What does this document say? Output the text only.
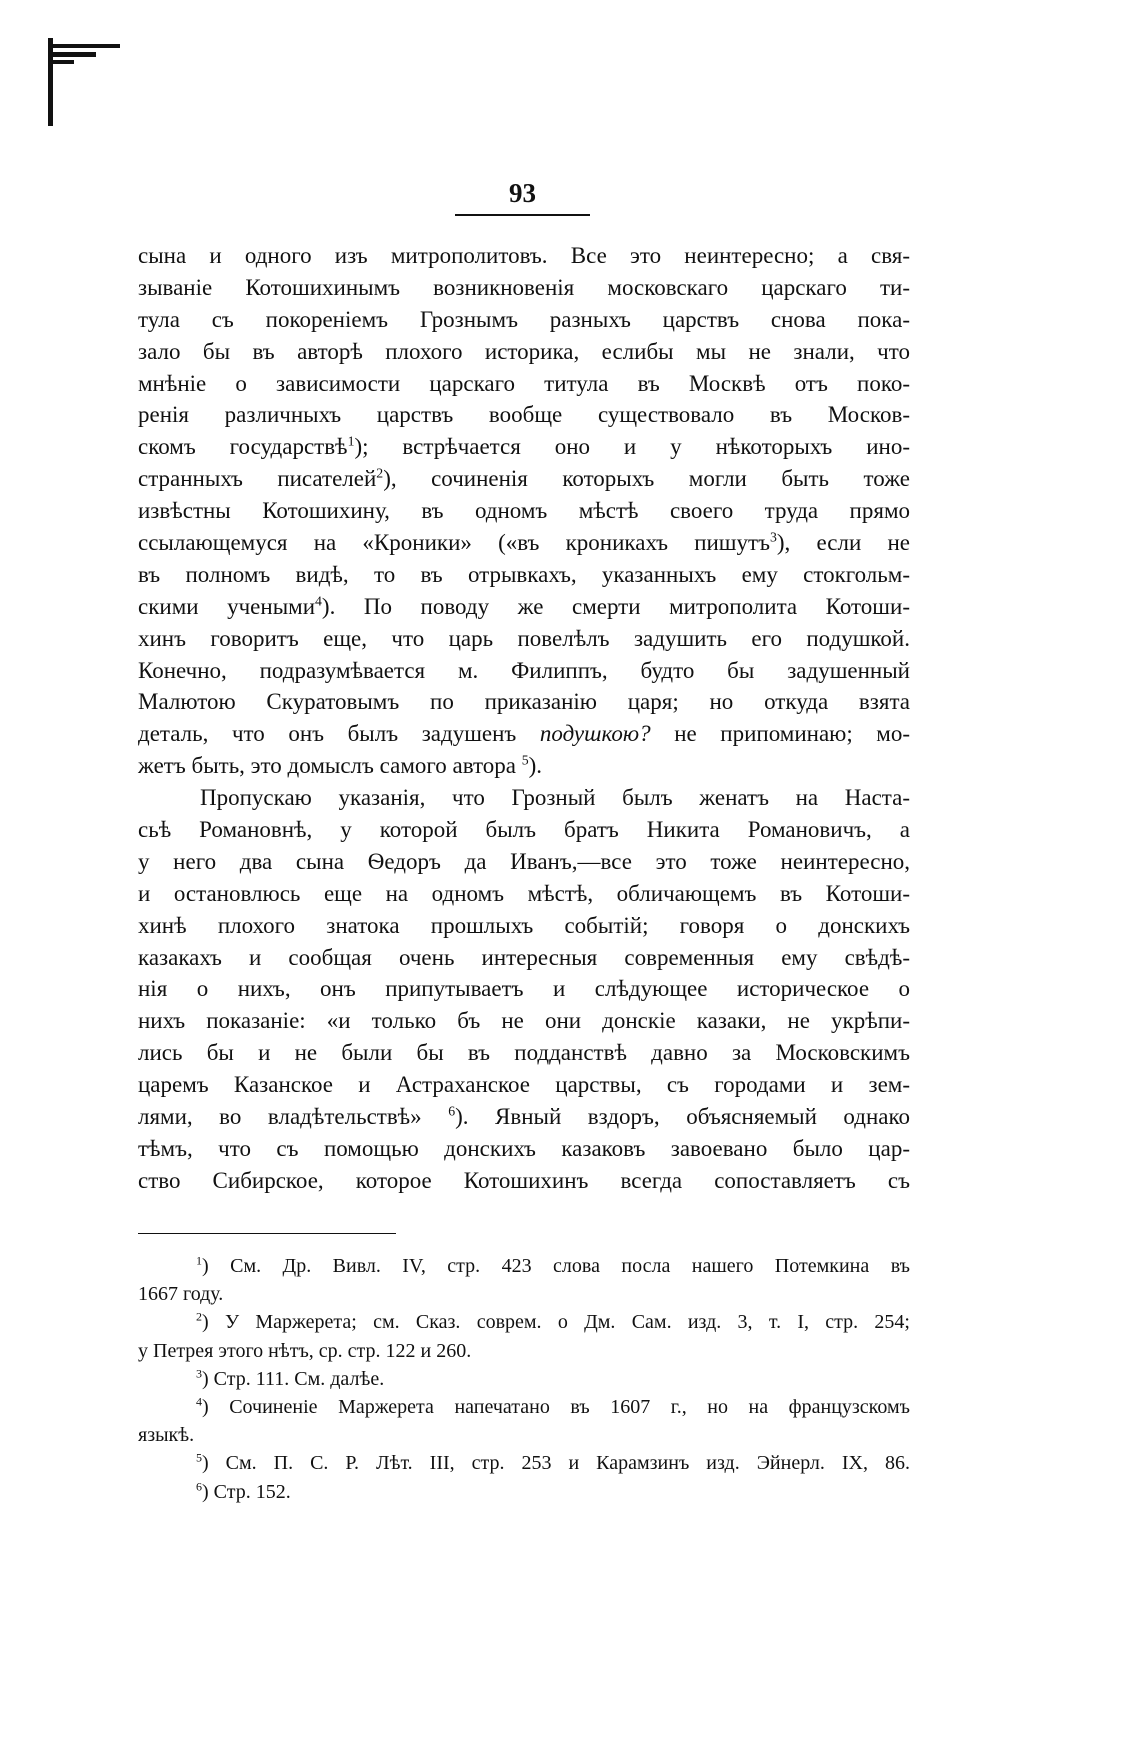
93
сына и одного изъ митрополитовъ. Все это неинтересно; а свя-
зываніе Котошихинымъ возникновенія московскаго царскаго ти-
тула съ покореніемъ Грознымъ разныхъ царствъ снова пока-
зало бы въ авторѣ плохого историка, еслибы мы не знали, что
мнѣніе о зависимости царскаго титула въ Москвѣ отъ поко-
ренія различныхъ царствъ вообще существовало въ Москов-
скомъ государствѣ$^1$); встрѣчается оно и у нѣкоторыхъ ино-
странныхъ писателей$^2$), сочиненія которыхъ могли быть тоже
извѣстны Котошихину, въ одномъ мѣстѣ своего труда прямо
ссылающемуся на «Кроники» («въ кроникахъ пишутъ$^3$), если не
въ полномъ видѣ, то въ отрывкахъ, указанныхъ ему стокгольм-
скими учеными$^4$). По поводу же смерти митрополита Котоши-
хинъ говоритъ еще, что царь повелѣлъ задушить его подушкой.
Конечно, подразумѣвается м. Филиппъ, будто бы задушенный
Малютою Скуратовымъ по приказанію царя; но откуда взята
деталь, что онъ былъ задушенъ подушкою? не припоминаю; мо-
жетъ быть, это домыслъ самого автора $^5$).
Пропускаю указанія, что Грозный былъ женатъ на Наста-
сьѣ Романовнѣ, у которой былъ братъ Никита Романовичъ, а
у него два сына Ѳедоръ да Иванъ,—все это тоже неинтересно,
и остановлюсь еще на одномъ мѣстѣ, обличающемъ въ Котоши-
хинѣ плохого знатока прошлыхъ событій; говоря о донскихъ
казакахъ и сообщая очень интересныя современныя ему свѣдѣ-
нія о нихъ, онъ припутываетъ и слѣдующее историческое о
нихъ показаніе: «и только бъ не они донскіе казаки, не укрѣпи-
лись бы и не были бы въ подданствѣ давно за Московскимъ
царемъ Казанское и Астраханское царствы, съ городами и зем-
лями, во владѣтельствѣ» $^6$). Явный вздоръ, объясняемый однако
тѣмъ, что съ помощью донскихъ казаковъ завоевано было цар-
ство Сибирское, которое Котошихинъ всегда сопоставляетъ съ
$^1$) См. Др. Вивл. IV, стр. 423 слова посла нашего Потемкина въ
1667 году.
$^2$) У Маржерета; см. Сказ. соврем. о Дм. Сам. изд. 3, т. I, стр. 254;
у Петрея этого нѣтъ, ср. стр. 122 и 260.
$^3$) Стр. 111. См. далѣе.
$^4$) Сочиненіе Маржерета напечатано въ 1607 г., но на французскомъ
языкѣ.
$^5$) См. П. С. Р. Лѣт. III, стр. 253 и Карамзинъ изд. Эйнерл. IX, 86.
$^6$) Стр. 152.
